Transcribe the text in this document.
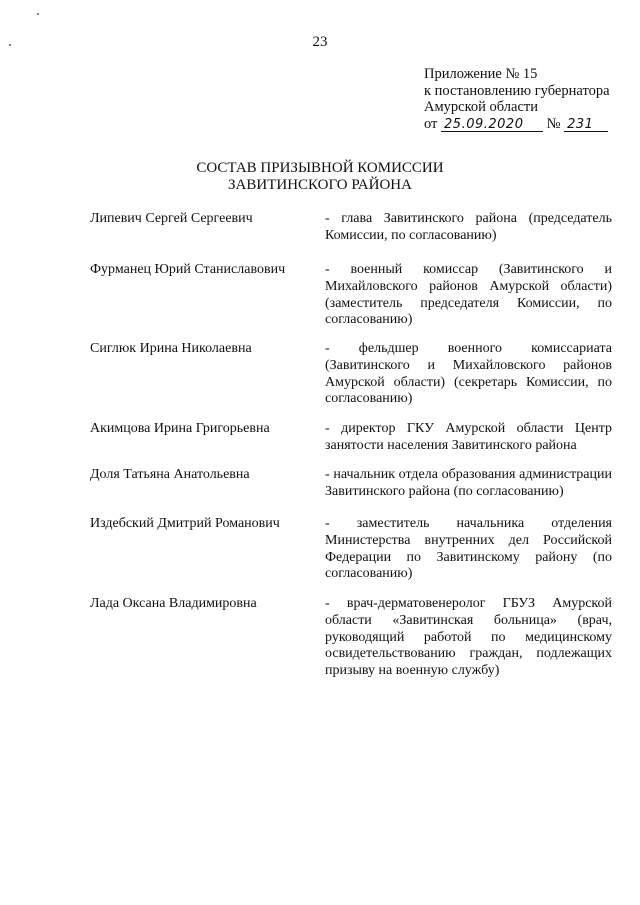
23
Приложение № 15
к постановлению губернатора
Амурской области
от 25.09.2020 № 231
СОСТАВ ПРИЗЫВНОЙ КОМИССИИ
ЗАВИТИНСКОГО РАЙОНА
Липевич Сергей Сергеевич	- глава Завитинского района (председатель Комиссии, по согласованию)
Фурманец Юрий Станиславович	- военный комиссар (Завитинского и Михайловского районов Амурской области) (заместитель председателя Комиссии, по согласованию)
Сиглюк Ирина Николаевна	- фельдшер военного комиссариата (Завитинского и Михайловского районов Амурской области) (секретарь Комиссии, по согласованию)
Акимцова Ирина Григорьевна	- директор ГКУ Амурской области Центр занятости населения Завитинского района
Доля Татьяна Анатольевна	- начальник отдела образования администрации Завитинского района (по согласованию)
Издебский Дмитрий Романович	- заместитель начальника отделения Министерства внутренних дел Российской Федерации по Завитинскому району (по согласованию)
Лада Оксана Владимировна	- врач-дерматовенеролог ГБУЗ Амурской области «Завитинская больница» (врач, руководящий работой по медицинскому освидетельствованию граждан, подлежащих призыву на военную службу)
